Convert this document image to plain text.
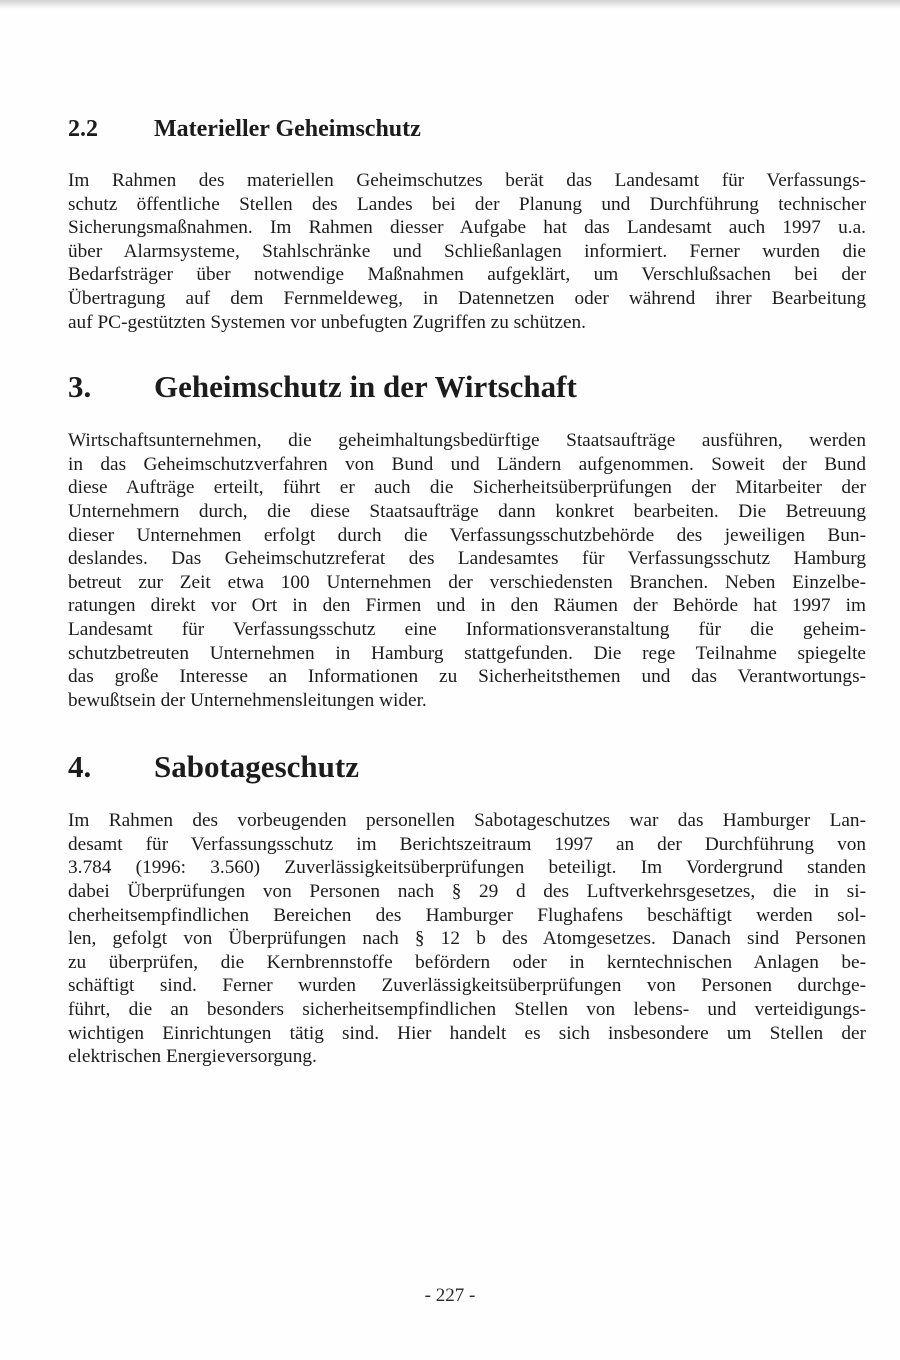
2.2	Materieller Geheimschutz
Im Rahmen des materiellen Geheimschutzes berät das Landesamt für Verfassungs-
schutz öffentliche Stellen des Landes bei der Planung und Durchführung technischer
Sicherungsmaßnahmen. Im Rahmen diesser Aufgabe hat das Landesamt auch 1997 u.a.
über Alarmsysteme, Stahlschränke und Schließanlagen informiert. Ferner wurden die
Bedarfsträger über notwendige Maßnahmen aufgeklärt, um Verschlußsachen bei der
Übertragung auf dem Fernmeldeweg, in Datennetzen oder während ihrer Bearbeitung
auf PC-gestützten Systemen vor unbefugten Zugriffen zu schützen.
3.	Geheimschutz in der Wirtschaft
Wirtschaftsunternehmen, die geheimhaltungsbedürftige Staatsaufträge ausführen, werden
in das Geheimschutzverfahren von Bund und Ländern aufgenommen. Soweit der Bund
diese Aufträge erteilt, führt er auch die Sicherheitsüberprüfungen der Mitarbeiter der
Unternehmern durch, die diese Staatsaufträge dann konkret bearbeiten. Die Betreuung
dieser Unternehmen erfolgt durch die Verfassungsschutzbehörde des jeweiligen Bun-
deslandes. Das Geheimschutzreferat des Landesamtes für Verfassungsschutz Hamburg
betreut zur Zeit etwa 100 Unternehmen der verschiedensten Branchen. Neben Einzelbe-
ratungen direkt vor Ort in den Firmen und in den Räumen der Behörde hat 1997 im
Landesamt für Verfassungsschutz eine Informationsveranstaltung für die geheim-
schutzbetreuten Unternehmen in Hamburg stattgefunden. Die rege Teilnahme spiegelte
das große Interesse an Informationen zu Sicherheitsthemen und das Verantwortungs-
bewußtsein der Unternehmensleitungen wider.
4.	Sabotageschutz
Im Rahmen des vorbeugenden personellen Sabotageschutzes war das Hamburger Lan-
desamt für Verfassungsschutz im Berichtszeitraum 1997 an der Durchführung von
3.784 (1996: 3.560) Zuverlässigkeitsüberprüfungen beteiligt. Im Vordergrund standen
dabei Überprüfungen von Personen nach § 29 d des Luftverkehrsgesetzes, die in si-
cherheitsempfindlichen Bereichen des Hamburger Flughafens beschäftigt werden sol-
len, gefolgt von Überprüfungen nach § 12 b des Atomgesetzes. Danach sind Personen
zu überprüfen, die Kernbrennstoffe befördern oder in kerntechnischen Anlagen be-
schäftigt sind. Ferner wurden Zuverlässigkeitsüberprüfungen von Personen durchge-
führt, die an besonders sicherheitsempfindlichen Stellen von lebens- und verteidigungs-
wichtigen Einrichtungen tätig sind. Hier handelt es sich insbesondere um Stellen der
elektrischen Energieversorgung.
- 227 -
